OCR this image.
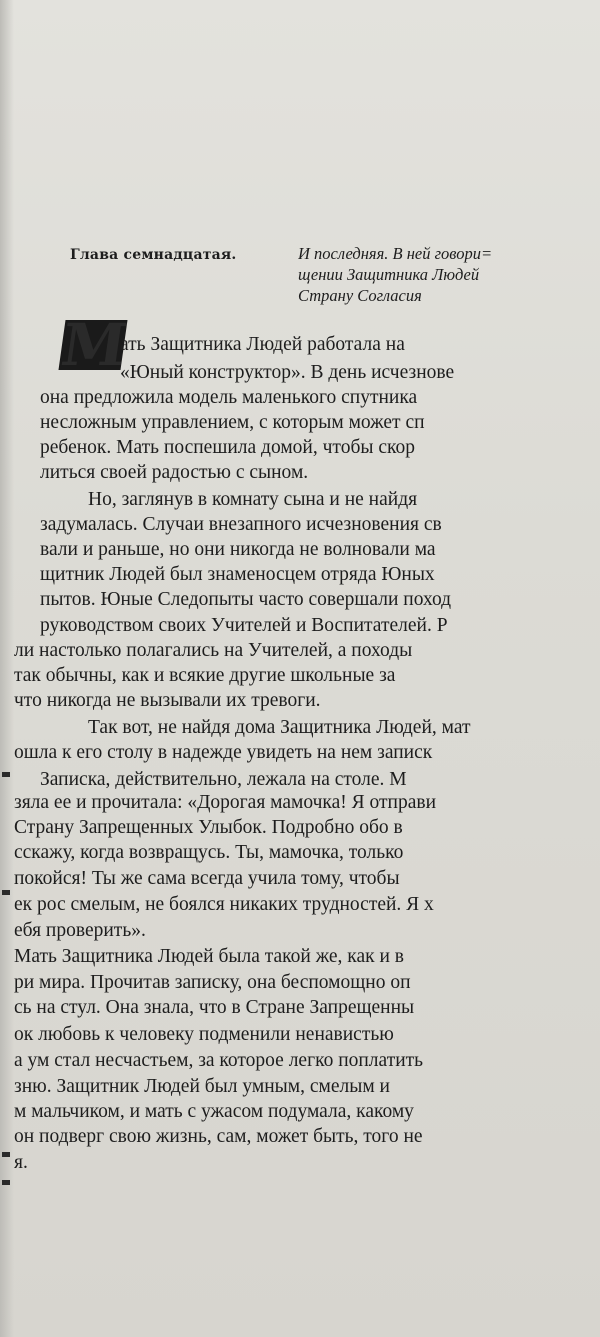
Глава семнадцатая.	И последняя. В ней говори=
щении Защитника Людей
Страну Согласия
М
ать Защитника Людей работала на
«Юный конструктор». В день исчезнове
она предложила модель маленького спутника
несложным управлением, с которым может сп
ребенок. Мать поспешила домой, чтобы скор
литься своей радостью с сыном.
Но, заглянув в комнату сына и не найдя
задумалась. Случаи внезапного исчезновения св
вали и раньше, но они никогда не волновали ма
щитник Людей был знаменосцем отряда Юных
пытов. Юные Следопыты часто совершали поход
руководством своих Учителей и Воспитателей. Р
ли настолько полагались на Учителей, а походы
так обычны, как и всякие другие школьные за
что никогда не вызывали их тревоги.
Так вот, не найдя дома Защитника Людей, мат
ошла к его столу в надежде увидеть на нем записк
Записка, действительно, лежала на столе. М
зяла ее и прочитала: «Дорогая мамочка! Я отправи
Страну Запрещенных Улыбок. Подробно обо в
сскажу, когда возвращусь. Ты, мамочка, только
покойся! Ты же сама всегда учила тому, чтобы
ек рос смелым, не боялся никаких трудностей. Я х
ебя проверить».
Мать Защитника Людей была такой же, как и в
ри мира. Прочитав записку, она беспомощно оп
сь на стул. Она знала, что в Стране Запрещенны
ок любовь к человеку подменили ненавистью
а ум стал несчастьем, за которое легко поплатить
зню. Защитник Людей был умным, смелым и
м мальчиком, и мать с ужасом подумала, какому
он подверг свою жизнь, сам, может быть, того не
я.
